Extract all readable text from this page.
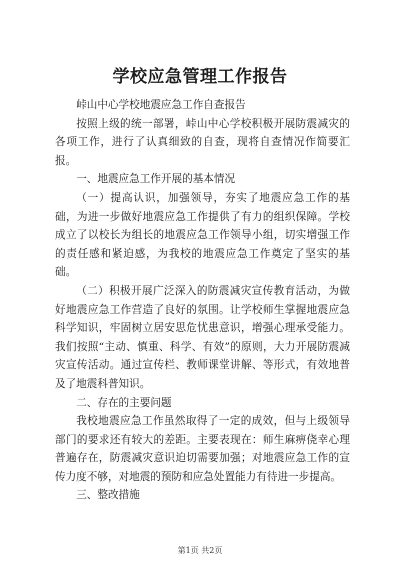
学校应急管理工作报告

峠山中心学校地震应急工作自查报告

按照上级的统一部署，峠山中心学校积极开展防震减灾的各项工作，进行了认真细致的自查，现将自查情况作简要汇报。

一、地震应急工作开展的基本情况

（一）提高认识，加强领导，夯实了地震应急工作的基础，为进一步做好地震应急工作提供了有力的组织保障。学校成立了以校长为组长的地震应急工作领导小组，切实增强工作的责任感和紧迫感，为我校的地震应急工作奠定了坚实的基础。

（二）积极开展广泛深入的防震减灾宣传教育活动，为做好地震应急工作营造了良好的氛围。让学校师生掌握地震应急科学知识，牢固树立居安思危忧患意识，增强心理承受能力。我们按照“主动、慎重、科学、有效”的原则，大力开展防震减灾宣传活动。通过宣传栏、教师课堂讲解、等形式，有效地普及了地震科普知识。

二、存在的主要问题

我校地震应急工作虽然取得了一定的成效，但与上级领导部门的要求还有较大的差距。主要表现在：师生麻痹侥幸心理普遍存在，防震减灾意识迫切需要加强；对地震应急工作的宣传力度不够，对地震的预防和应急处置能力有待进一步提高。

三、整改措施

第1页 共2页
